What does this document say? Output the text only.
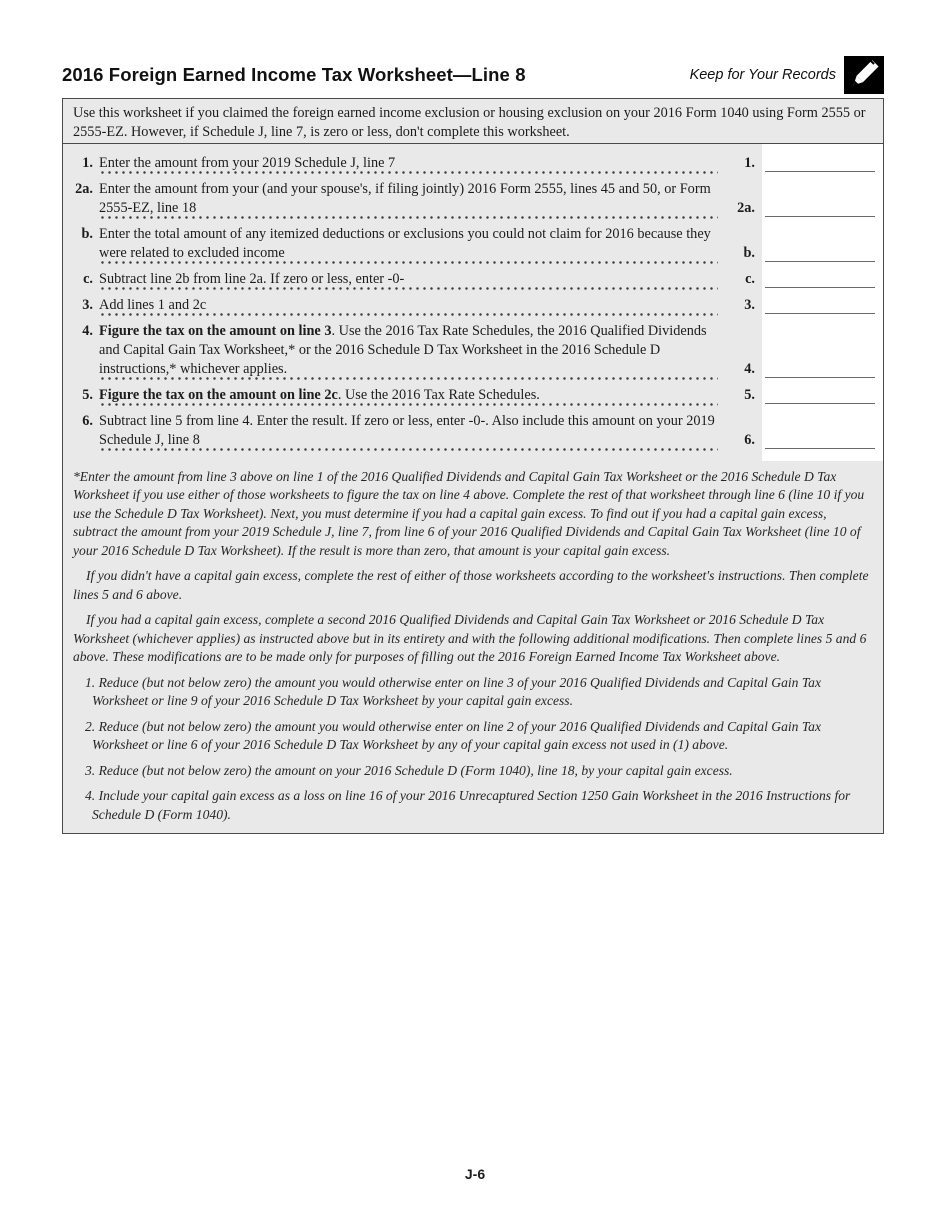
2016 Foreign Earned Income Tax Worksheet—Line 8	Keep for Your Records
Use this worksheet if you claimed the foreign earned income exclusion or housing exclusion on your 2016 Form 1040 using Form 2555 or 2555-EZ. However, if Schedule J, line 7, is zero or less, don't complete this worksheet.
1. Enter the amount from your 2019 Schedule J, line 7	1.
2a. Enter the amount from your (and your spouse's, if filing jointly) 2016 Form 2555, lines 45 and 50, or Form 2555-EZ, line 18	2a.
b. Enter the total amount of any itemized deductions or exclusions you could not claim for 2016 because they were related to excluded income	b.
c. Subtract line 2b from line 2a. If zero or less, enter -0-	c.
3. Add lines 1 and 2c	3.
4. Figure the tax on the amount on line 3. Use the 2016 Tax Rate Schedules, the 2016 Qualified Dividends and Capital Gain Tax Worksheet,* or the 2016 Schedule D Tax Worksheet in the 2016 Schedule D instructions,* whichever applies.	4.
5. Figure the tax on the amount on line 2c. Use the 2016 Tax Rate Schedules.	5.
6. Subtract line 5 from line 4. Enter the result. If zero or less, enter -0-. Also include this amount on your 2019 Schedule J, line 8	6.
*Enter the amount from line 3 above on line 1 of the 2016 Qualified Dividends and Capital Gain Tax Worksheet or the 2016 Schedule D Tax Worksheet if you use either of those worksheets to figure the tax on line 4 above. Complete the rest of that worksheet through line 6 (line 10 if you use the Schedule D Tax Worksheet). Next, you must determine if you had a capital gain excess. To find out if you had a capital gain excess, subtract the amount from your 2019 Schedule J, line 7, from line 6 of your 2016 Qualified Dividends and Capital Gain Tax Worksheet (line 10 of your 2016 Schedule D Tax Worksheet). If the result is more than zero, that amount is your capital gain excess.
If you didn't have a capital gain excess, complete the rest of either of those worksheets according to the worksheet's instructions. Then complete lines 5 and 6 above.
If you had a capital gain excess, complete a second 2016 Qualified Dividends and Capital Gain Tax Worksheet or 2016 Schedule D Tax Worksheet (whichever applies) as instructed above but in its entirety and with the following additional modifications. Then complete lines 5 and 6 above. These modifications are to be made only for purposes of filling out the 2016 Foreign Earned Income Tax Worksheet above.
1. Reduce (but not below zero) the amount you would otherwise enter on line 3 of your 2016 Qualified Dividends and Capital Gain Tax Worksheet or line 9 of your 2016 Schedule D Tax Worksheet by your capital gain excess.
2. Reduce (but not below zero) the amount you would otherwise enter on line 2 of your 2016 Qualified Dividends and Capital Gain Tax Worksheet or line 6 of your 2016 Schedule D Tax Worksheet by any of your capital gain excess not used in (1) above.
3. Reduce (but not below zero) the amount on your 2016 Schedule D (Form 1040), line 18, by your capital gain excess.
4. Include your capital gain excess as a loss on line 16 of your 2016 Unrecaptured Section 1250 Gain Worksheet in the 2016 Instructions for Schedule D (Form 1040).
J-6
